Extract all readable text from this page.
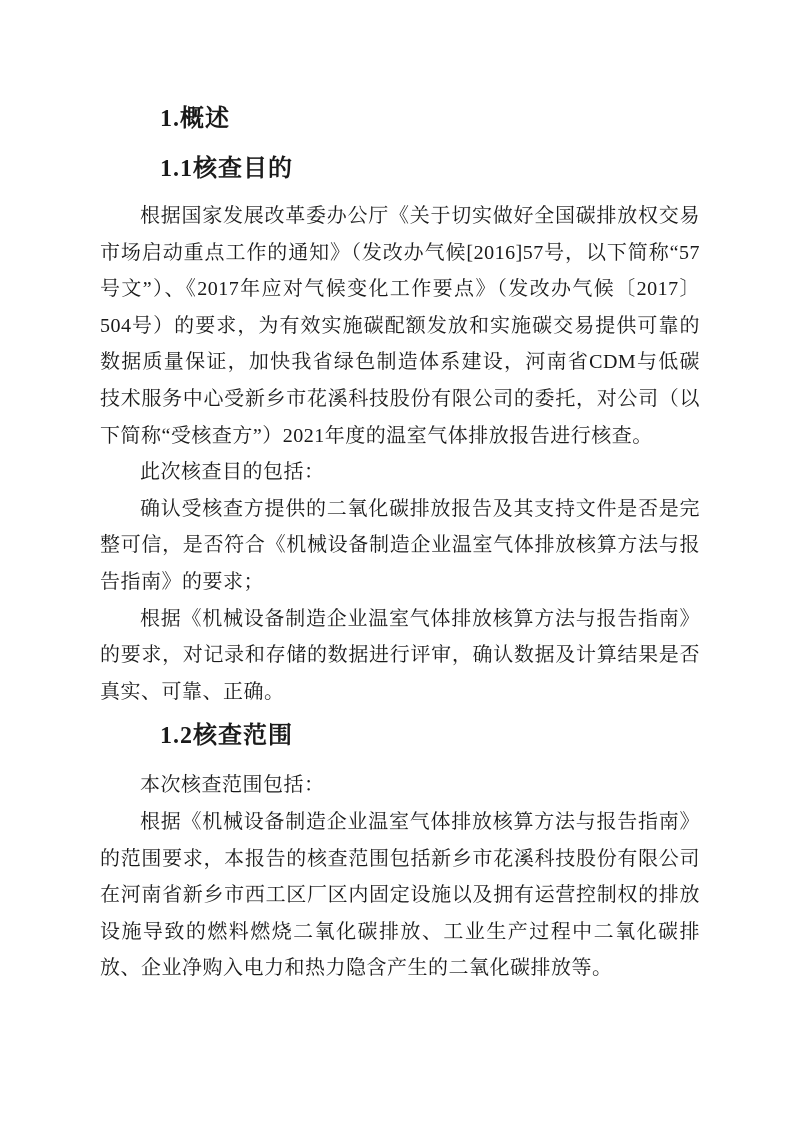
1.概述
1.1核查目的

根据国家发展改革委办公厅《关于切实做好全国碳排放权交易市场启动重点工作的通知》（发改办气候[2016]57号，以下简称“57号文”）、《2017年应对气候变化工作要点》（发改办气候〔2017〕504号）的要求，为有效实施碳配额发放和实施碳交易提供可靠的数据质量保证，加快我省绿色制造体系建设，河南省CDM与低碳技术服务中心受新乡市花溪科技股份有限公司的委托，对公司（以下简称“受核查方”）2021年度的温室气体排放报告进行核查。

此次核查目的包括：

确认受核查方提供的二氧化碳排放报告及其支持文件是否是完整可信，是否符合《机械设备制造企业温室气体排放核算方法与报告指南》的要求；

根据《机械设备制造企业温室气体排放核算方法与报告指南》的要求，对记录和存储的数据进行评审，确认数据及计算结果是否真实、可靠、正确。

1.2核查范围

本次核查范围包括：

根据《机械设备制造企业温室气体排放核算方法与报告指南》的范围要求，本报告的核查范围包括新乡市花溪科技股份有限公司在河南省新乡市西工区厂区内固定设施以及拥有运营控制权的排放设施导致的燃料燃烧二氧化碳排放、工业生产过程中二氧化碳排放、企业净购入电力和热力隐含产生的二氧化碳排放等。
